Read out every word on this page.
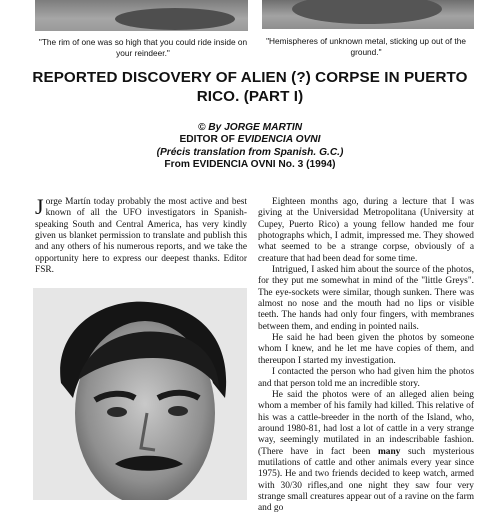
"The rim of one was so high that you could ride inside on your reindeer."
"Hemispheres of unknown metal, sticking up out of the ground."
REPORTED DISCOVERY OF ALIEN (?) CORPSE IN PUERTO RICO. (PART I)
© By JORGE MARTIN
EDITOR OF EVIDENCIA OVNI
(Précis translation from Spanish. G.C.)
From EVIDENCIA OVNI No. 3 (1994)

Jorge Martín today probably the most active and best known of all the UFO investigators in Spanish-speaking South and Central America, has very kindly given us blanket permission to translate and publish this and any others of his numerous reports, and we take the opportunity here to express our deepest thanks. Editor FSR.

Eighteen months ago, during a lecture that I was giving at the Universidad Metropolitana (University at Cupey, Puerto Rico) a young fellow handed me four photographs which, I admit, impressed me. They showed what seemed to be a strange corpse, obviously of a creature that had been dead for some time.

Intrigued, I asked him about the source of the photos, for they put me somewhat in mind of the "little Greys". The eye-sockets were similar, though sunken. There was almost no nose and the mouth had no lips or visible teeth. The hands had only four fingers, with membranes between them, and ending in pointed nails.

He said he had been given the photos by someone whom I knew, and he let me have copies of them, and thereupon I started my investigation.

I contacted the person who had given him the photos and that person told me an incredible story.

He said the photos were of an alleged alien being whom a member of his family had killed. This relative of his was a cattle-breeder in the north of the Island, who, around 1980-81, had lost a lot of cattle in a very strange way, seemingly mutilated in an indescribable fashion. (There have in fact been many such mysterious mutilations of cattle and other animals every year since 1975). He and two friends decided to keep watch, armed with 30/30 rifles,and one night they saw four very strange small creatures appear out of a ravine on the farm and go
